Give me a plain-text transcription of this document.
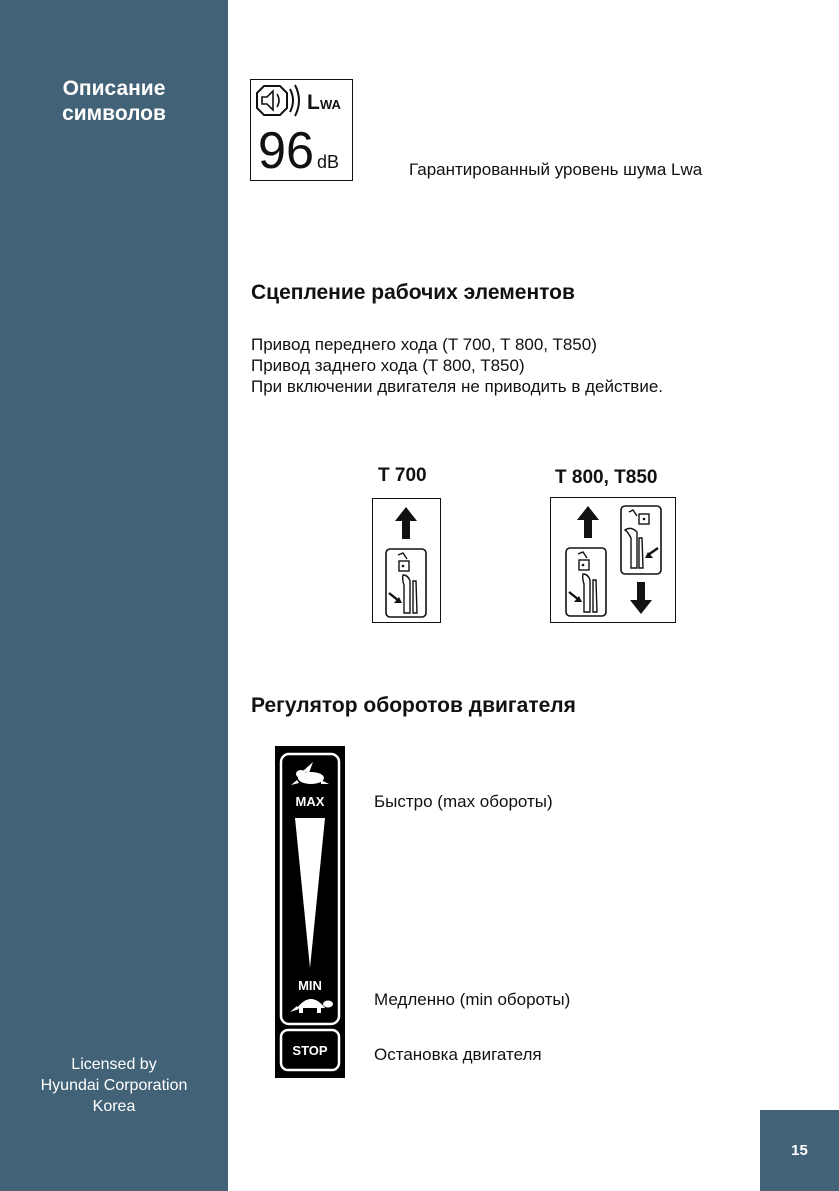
Описание
символов
Licensed by
Hyundai Corporation
Korea
L WA
96 dB	Гарантированный уровень шума Lwa
Сцепление рабочих элементов
Привод переднего хода (T 700, T 800, T850)
Привод заднего хода (T 800, T850)
При включении двигателя не приводить в действие.
T 700	T 800, T850
Регулятор оборотов двигателя
MAX
MIN
STOP
Быстро (max обороты)
Медленно (min обороты)
Остановка двигателя
15
